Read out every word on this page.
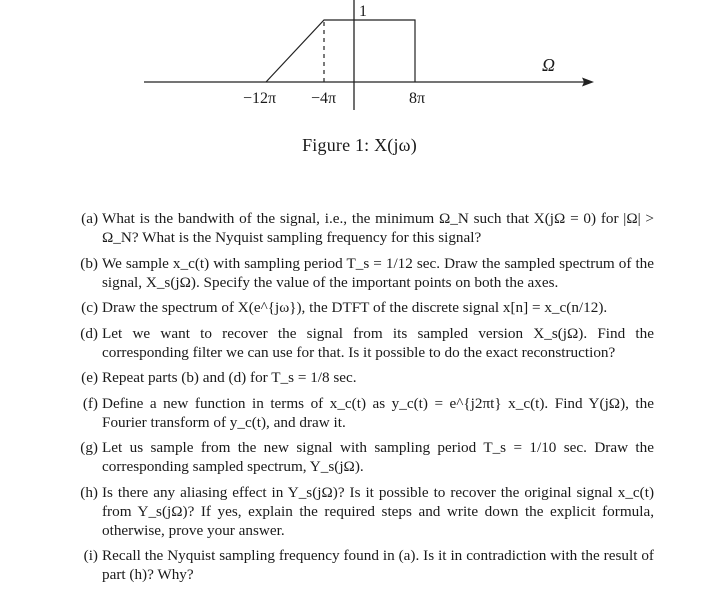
1
−12π −4π	8π
Ω
Figure 1: X(jω)
(a) What is the bandwith of the signal, i.e., the minimum Ω_N such that X(jΩ = 0) for |Ω| > Ω_N? What is the Nyquist sampling frequency for this signal?
(b) We sample x_c(t) with sampling period T_s = 1/12 sec. Draw the sampled spectrum of the signal, X_s(jΩ). Specify the value of the important points on both the axes.
(c) Draw the spectrum of X(e^{jω}), the DTFT of the discrete signal x[n] = x_c(n/12).
(d) Let we want to recover the signal from its sampled version X_s(jΩ). Find the corresponding filter we can use for that. Is it possible to do the exact reconstruction?
(e) Repeat parts (b) and (d) for T_s = 1/8 sec.
(f) Define a new function in terms of x_c(t) as y_c(t) = e^{j2πt} x_c(t). Find Y(jΩ), the Fourier transform of y_c(t), and draw it.
(g) Let us sample from the new signal with sampling period T_s = 1/10 sec. Draw the corresponding sampled spectrum, Y_s(jΩ).
(h) Is there any aliasing effect in Y_s(jΩ)? Is it possible to recover the original signal x_c(t) from Y_s(jΩ)? If yes, explain the required steps and write down the explicit formula, otherwise, prove your answer.
(i) Recall the Nyquist sampling frequency found in (a). Is it in contradiction with the result of part (h)? Why?
